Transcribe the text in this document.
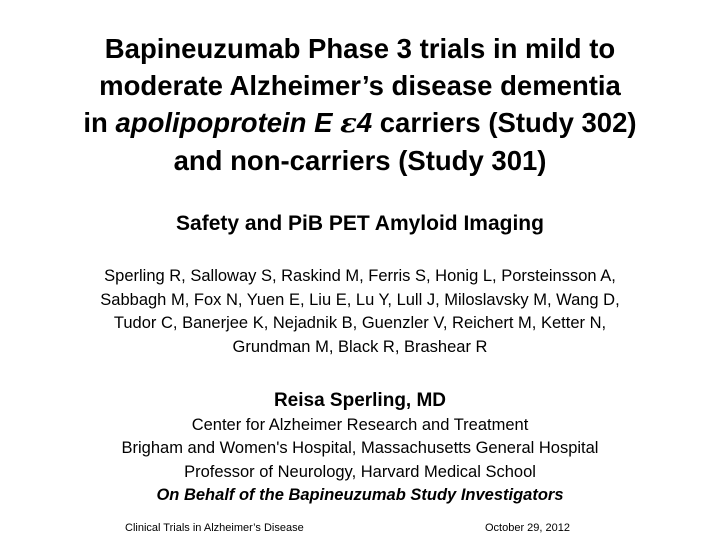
Bapineuzumab Phase 3 trials in mild to
moderate Alzheimer’s disease dementia
in apolipoprotein E ε4 carriers (Study 302)
and non-carriers (Study 301)
Safety and PiB PET Amyloid Imaging
Sperling R, Salloway S, Raskind M, Ferris S, Honig L, Porsteinsson A,
Sabbagh M, Fox N, Yuen E, Liu E, Lu Y, Lull J, Miloslavsky M, Wang D,
Tudor C, Banerjee K, Nejadnik B, Guenzler V, Reichert M, Ketter N,
Grundman M, Black R, Brashear R
Reisa Sperling, MD
Center for Alzheimer Research and Treatment
Brigham and Women's Hospital, Massachusetts General Hospital
Professor of Neurology, Harvard Medical School
On Behalf of the Bapineuzumab Study Investigators
Clinical Trials in Alzheimer’s Disease	October 29, 2012
